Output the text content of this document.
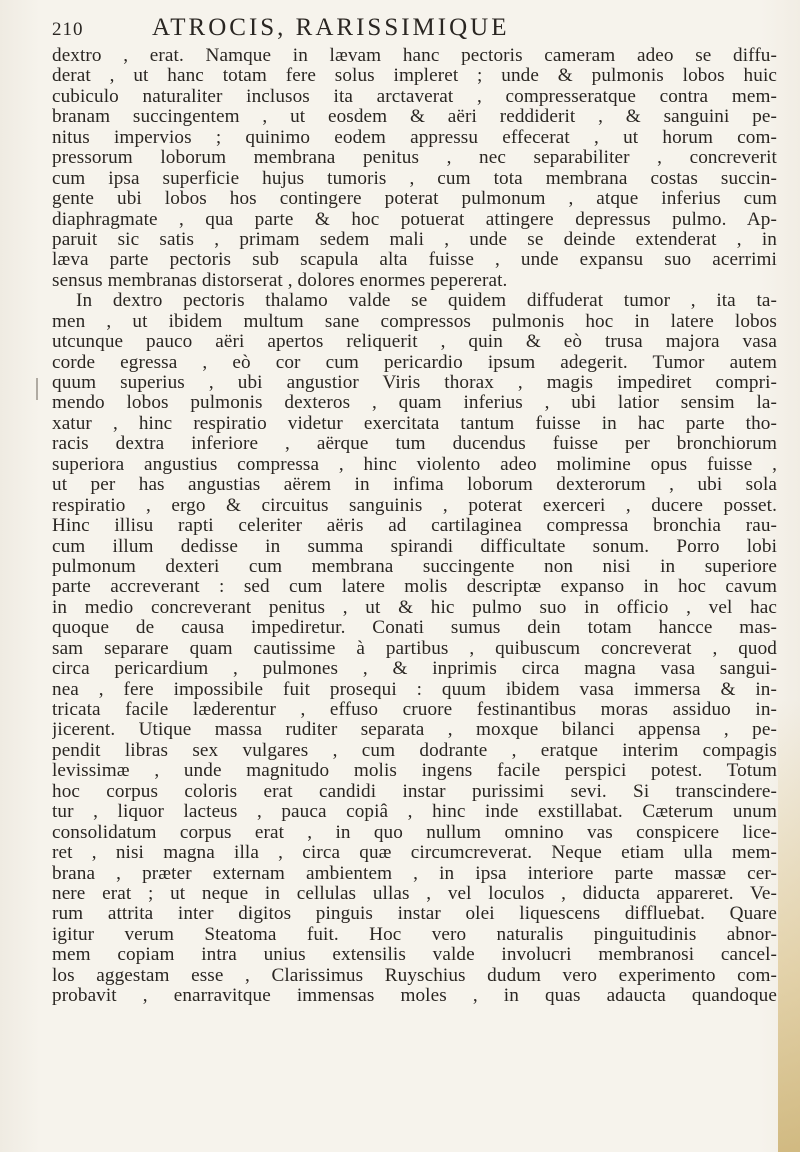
210	ATROCIS, RARISSIMIQUE
dextro , erat. Namque in lævam hanc pectoris cameram adeo se diffu-
derat , ut hanc totam fere solus impleret ; unde & pulmonis lobos huic
cubiculo naturaliter inclusos ita arctaverat , compresseratque contra mem-
branam succingentem , ut eosdem & aëri reddiderit , & sanguini pe-
nitus impervios ; quinimo eodem appressu effecerat , ut horum com-
pressorum loborum membrana penitus , nec separabiliter , concreverit
cum ipsa superficie hujus tumoris , cum tota membrana costas succin-
gente ubi lobos hos contingere poterat pulmonum , atque inferius cum
diaphragmate , qua parte & hoc potuerat attingere depressus pulmo. Ap-
paruit sic satis , primam sedem mali , unde se deinde extenderat , in
læva parte pectoris sub scapula alta fuisse , unde expansu suo acerrimi
sensus membranas distorserat , dolores enormes pepererat.
In dextro pectoris thalamo valde se quidem diffuderat tumor , ita ta-
men , ut ibidem multum sane compressos pulmonis hoc in latere lobos
utcunque pauco aëri apertos reliquerit , quin & eò trusa majora vasa
corde egressa , eò cor cum pericardio ipsum adegerit. Tumor autem
quum superius , ubi angustior Viris thorax , magis impediret compri-
mendo lobos pulmonis dexteros , quam inferius , ubi latior sensim la-
xatur , hinc respiratio videtur exercitata tantum fuisse in hac parte tho-
racis dextra inferiore , aërque tum ducendus fuisse per bronchiorum
superiora angustius compressa , hinc violento adeo molimine opus fuisse ,
ut per has angustias aërem in infima loborum dexterorum , ubi sola
respiratio , ergo & circuitus sanguinis , poterat exerceri , ducere posset.
Hinc illisu rapti celeriter aëris ad cartilaginea compressa bronchia rau-
cum illum dedisse in summa spirandi difficultate sonum. Porro lobi
pulmonum dexteri cum membrana succingente non nisi in superiore
parte accreverant : sed cum latere molis descriptæ expanso in hoc cavum
in medio concreverant penitus , ut & hic pulmo suo in officio , vel hac
quoque de causa impediretur. Conati sumus dein totam hancce mas-
sam separare quam cautissime à partibus , quibuscum concreverat , quod
circa pericardium , pulmones , & inprimis circa magna vasa sangui-
nea , fere impossibile fuit prosequi : quum ibidem vasa immersa & in-
tricata facile læderentur , effuso cruore festinantibus moras assiduo in-
jicerent. Utique massa ruditer separata , moxque bilanci appensa , pe-
pendit libras sex vulgares , cum dodrante , eratque interim compagis
levissimæ , unde magnitudo molis ingens facile perspici potest. Totum
hoc corpus coloris erat candidi instar purissimi sevi. Si transcindere-
tur , liquor lacteus , pauca copiâ , hinc inde exstillabat. Cæterum unum
consolidatum corpus erat , in quo nullum omnino vas conspicere lice-
ret , nisi magna illa , circa quæ circumcreverat. Neque etiam ulla mem-
brana , præter externam ambientem , in ipsa interiore parte massæ cer-
nere erat ; ut neque in cellulas ullas , vel loculos , diducta appareret. Ve-
rum attrita inter digitos pinguis instar olei liquescens diffluebat. Quare
igitur verum Steatoma fuit. Hoc vero naturalis pinguitudinis abnor-
mem copiam intra unius extensilis valde involucri membranosi cancel-
los aggestam esse , Clarissimus Ruyschius dudum vero experimento com-
probavit , enarravitque immensas moles , in quas adaucta quandoque
